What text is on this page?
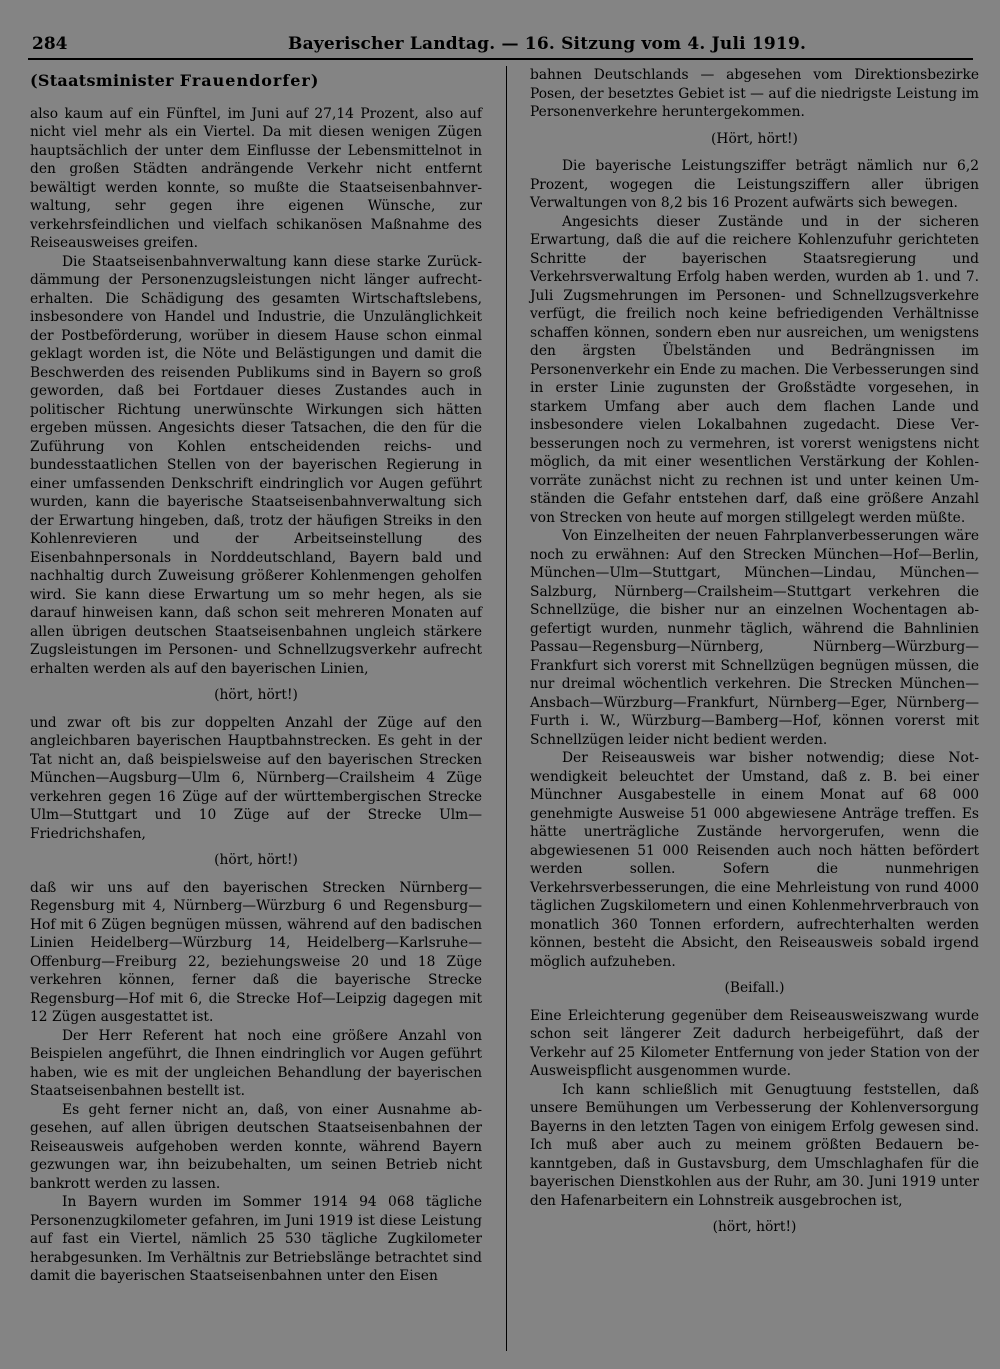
284	Bayerischer Landtag. — 16. Sitzung vom 4. Juli 1919.
(Staatsminister Frauendorfer)

also kaum auf ein Fünftel, im Juni auf 27,14 Prozent, also auf nicht viel mehr als ein Viertel. Da mit diesen wenigen Zügen hauptsächlich der unter dem Einflusse der Lebensmittelnot in den großen Städten andrängende Verkehr nicht entfernt bewältigt werden konnte, so mußte die Staatseisenbahnverwaltung, sehr gegen ihre eigenen Wünsche, zur verkehrsfeindlichen und vielfach schikanösen Maßnahme des Reiseausweises greifen.

Die Staatseisenbahnverwaltung kann diese starke Zurückdämmung der Personenzugsleistungen nicht länger aufrechterhalten. Die Schädigung des gesamten Wirtschaftslebens, insbesondere von Handel und Industrie, die Unzulänglichkeit der Postbeförderung, worüber in diesem Hause schon einmal geklagt worden ist, die Nöte und Belästigungen und damit die Beschwerden des reisenden Publikums sind in Bayern so groß geworden, daß bei Fortdauer dieses Zustandes auch in politischer Richtung unerwünschte Wirkungen sich hätten ergeben müssen. Angesichts dieser Tatsachen, die den für die Zuführung von Kohlen entscheidenden reichs- und bundesstaatlichen Stellen von der bayerischen Regierung in einer umfassenden Denkschrift eindringlich vor Augen geführt wurden, kann die bayerische Staatseisenbahnverwaltung sich der Erwartung hingeben, daß, trotz der häufigen Streiks in den Kohlenrevieren und der Arbeitseinstellung des Eisenbahnpersonals in Norddeutschland, Bayern bald und nachhaltig durch Zuweisung größerer Kohlenmengen geholfen wird. Sie kann diese Erwartung um so mehr hegen, als sie darauf hinweisen kann, daß schon seit mehreren Monaten auf allen übrigen deutschen Staatseisenbahnen ungleich stärkere Zugsleistungen im Personen- und Schnellzugsverkehr aufrecht erhalten werden als auf den bayerischen Linien,

(hört, hört!)

und zwar oft bis zur doppelten Anzahl der Züge auf den angleichbaren bayerischen Hauptbahnstrecken. Es geht in der Tat nicht an, daß beispielsweise auf den bayerischen Strecken München—Augsburg—Ulm 6, Nürnberg—Crailsheim 4 Züge verkehren gegen 16 Züge auf der württembergischen Strecke Ulm—Stuttgart und 10 Züge auf der Strecke Ulm—Friedrichshafen,

(hört, hört!)

daß wir uns auf den bayerischen Strecken Nürnberg—Regensburg mit 4, Nürnberg—Würzburg 6 und Regensburg—Hof mit 6 Zügen begnügen müssen, während auf den badischen Linien Heidelberg—Würzburg 14, Heidelberg—Karlsruhe—Offenburg—Freiburg 22, beziehungsweise 20 und 18 Züge verkehren können, ferner daß die bayerische Strecke Regensburg—Hof mit 6, die Strecke Hof—Leipzig dagegen mit 12 Zügen ausgestattet ist.

Der Herr Referent hat noch eine größere Anzahl von Beispielen angeführt, die Ihnen eindringlich vor Augen geführt haben, wie es mit der ungleichen Behandlung der bayerischen Staatseisenbahnen bestellt ist.

Es geht ferner nicht an, daß, von einer Ausnahme abgesehen, auf allen übrigen deutschen Staatseisenbahnen der Reiseausweis aufgehoben werden konnte, während Bayern gezwungen war, ihn beizubehalten, um seinen Betrieb nicht bankrott werden zu lassen.

In Bayern wurden im Sommer 1914 94 068 tägliche Personenzugkilometer gefahren, im Juni 1919 ist diese Leistung auf fast ein Viertel, nämlich 25 530 tägliche Zugkilometer herabgesunken. Im Verhältnis zur Betriebslänge betrachtet sind damit die bayerischen Staatseisenbahnen unter den Eisen

bahnen Deutschlands — abgesehen vom Direktionsbezirke Posen, der besetztes Gebiet ist — auf die niedrigste Leistung im Personenverkehre heruntergekommen.

(Hört, hört!)

Die bayerische Leistungsziffer beträgt nämlich nur 6,2 Prozent, wogegen die Leistungsziffern aller übrigen Verwaltungen von 8,2 bis 16 Prozent aufwärts sich bewegen.

Angesichts dieser Zustände und in der sicheren Erwartung, daß die auf die reichere Kohlenzufuhr gerichteten Schritte der bayerischen Staatsregierung und Verkehrsverwaltung Erfolg haben werden, wurden ab 1. und 7. Juli Zugsmehrungen im Personen- und Schnellzugsverkehre verfügt, die freilich noch keine befriedigenden Verhältnisse schaffen können, sondern eben nur ausreichen, um wenigstens den ärgsten Übelständen und Bedrängnissen im Personenverkehr ein Ende zu machen. Die Verbesserungen sind in erster Linie zugunsten der Großstädte vorgesehen, in starkem Umfang aber auch dem flachen Lande und insbesondere vielen Lokalbahnen zugedacht. Diese Verbesserungen noch zu vermehren, ist vorerst wenigstens nicht möglich, da mit einer wesentlichen Verstärkung der Kohlenvorräte zunächst nicht zu rechnen ist und unter keinen Umständen die Gefahr entstehen darf, daß eine größere Anzahl von Strecken von heute auf morgen stillgelegt werden müßte.

Von Einzelheiten der neuen Fahrplanverbesserungen wäre noch zu erwähnen: Auf den Strecken München—Hof—Berlin, München—Ulm—Stuttgart, München—Lindau, München—Salzburg, Nürnberg—Crailsheim—Stuttgart verkehren die Schnellzüge, die bisher nur an einzelnen Wochentagen abgefertigt wurden, nunmehr täglich, während die Bahnlinien Passau—Regensburg—Nürnberg, Nürnberg—Würzburg—Frankfurt sich vorerst mit Schnellzügen begnügen müssen, die nur dreimal wöchentlich verkehren. Die Strecken München—Ansbach—Würzburg—Frankfurt, Nürnberg—Eger, Nürnberg—Furth i. W., Würzburg—Bamberg—Hof, können vorerst mit Schnellzügen leider nicht bedient werden.

Der Reiseausweis war bisher notwendig; diese Notwendigkeit beleuchtet der Umstand, daß z. B. bei einer Münchner Ausgabestelle in einem Monat auf 68 000 genehmigte Ausweise 51 000 abgewiesene Anträge treffen. Es hätte unerträgliche Zustände hervorgerufen, wenn die abgewiesenen 51 000 Reisenden auch noch hätten befördert werden sollen. Sofern die nunmehrigen Verkehrsverbesserungen, die eine Mehrleistung von rund 4000 täglichen Zugskilometern und einen Kohlenmehrverbrauch von monatlich 360 Tonnen erfordern, aufrechterhalten werden können, besteht die Absicht, den Reiseausweis sobald irgend möglich aufzuheben.

(Beifall.)

Eine Erleichterung gegenüber dem Reiseausweiszwang wurde schon seit längerer Zeit dadurch herbeigeführt, daß der Verkehr auf 25 Kilometer Entfernung von jeder Station von der Ausweispflicht ausgenommen wurde.

Ich kann schließlich mit Genugtuung feststellen, daß unsere Bemühungen um Verbesserung der Kohlenversorgung Bayerns in den letzten Tagen von einigem Erfolg gewesen sind. Ich muß aber auch zu meinem größten Bedauern bekanntgeben, daß in Gustavsburg, dem Umschlaghafen für die bayerischen Dienstkohlen aus der Ruhr, am 30. Juni 1919 unter den Hafenarbeitern ein Lohnstreik ausgebrochen ist,

(hört, hört!)
